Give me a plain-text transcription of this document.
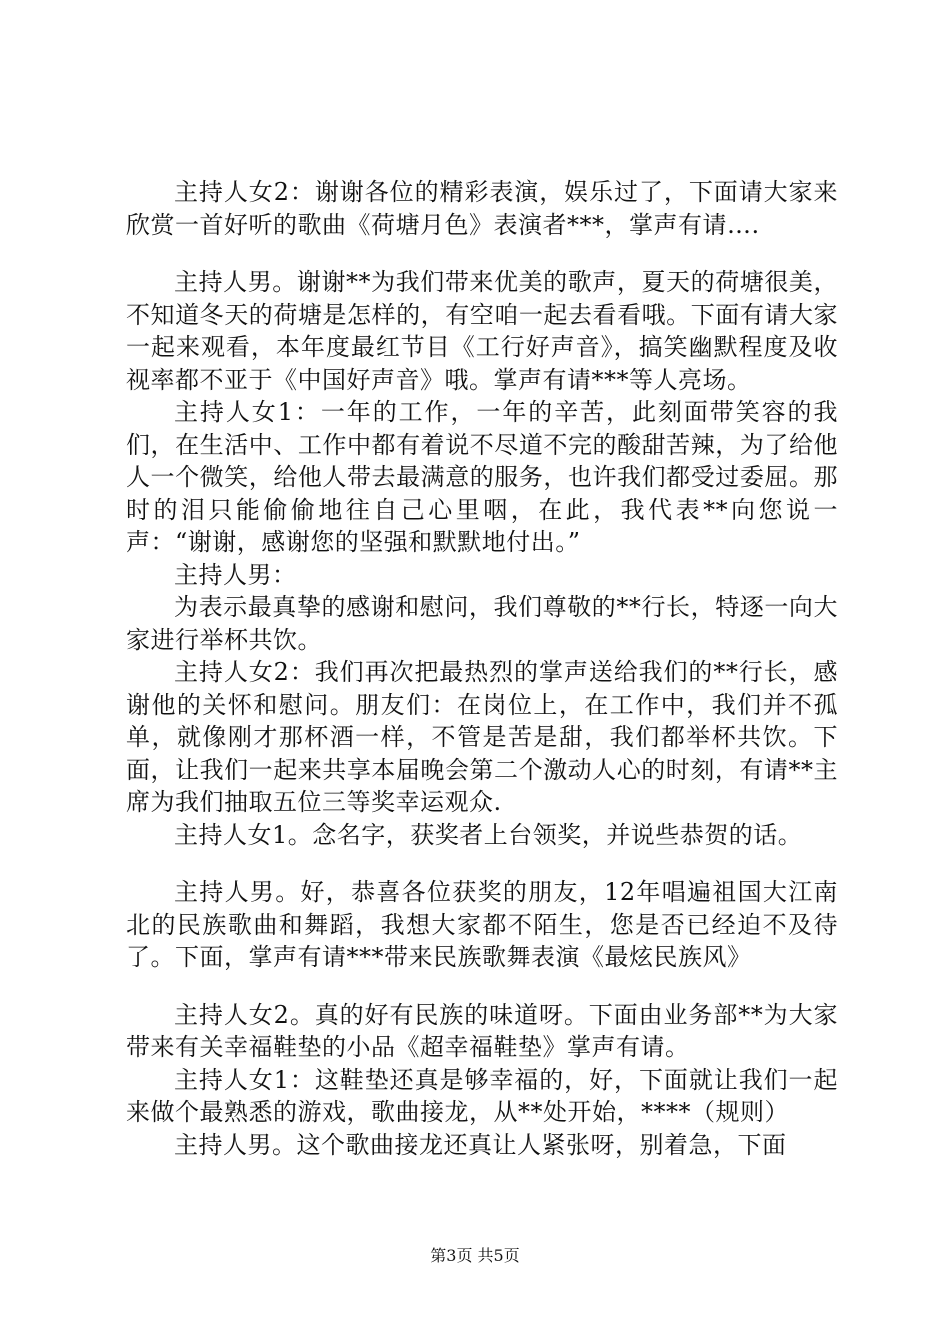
主持人女2：谢谢各位的精彩表演，娱乐过了，下面请大家来欣赏一首好听的歌曲《荷塘月色》表演者***，掌声有请….

主持人男。谢谢**为我们带来优美的歌声，夏天的荷塘很美，不知道冬天的荷塘是怎样的，有空咱一起去看看哦。下面有请大家一起来观看，本年度最红节目《工行好声音》，搞笑幽默程度及收视率都不亚于《中国好声音》哦。掌声有请***等人亮场。

主持人女1：一年的工作，一年的辛苦，此刻面带笑容的我们，在生活中、工作中都有着说不尽道不完的酸甜苦辣，为了给他人一个微笑，给他人带去最满意的服务，也许我们都受过委屈。那时的泪只能偷偷地往自己心里咽，在此，我代表**向您说一声：“谢谢，感谢您的坚强和默默地付出。”

主持人男：

为表示最真挚的感谢和慰问，我们尊敬的**行长，特逐一向大家进行举杯共饮。

主持人女2：我们再次把最热烈的掌声送给我们的**行长，感谢他的关怀和慰问。朋友们：在岗位上，在工作中，我们并不孤单，就像刚才那杯酒一样，不管是苦是甜，我们都举杯共饮。下面，让我们一起来共享本届晚会第二个激动人心的时刻，有请**主席为我们抽取五位三等奖幸运观众.

主持人女1。念名字，获奖者上台领奖，并说些恭贺的话。

主持人男。好，恭喜各位获奖的朋友，12年唱遍祖国大江南北的民族歌曲和舞蹈，我想大家都不陌生，您是否已经迫不及待了。下面，掌声有请***带来民族歌舞表演《最炫民族风》

主持人女2。真的好有民族的味道呀。下面由业务部**为大家带来有关幸福鞋垫的小品《超幸福鞋垫》掌声有请。

主持人女1：这鞋垫还真是够幸福的，好，下面就让我们一起来做个最熟悉的游戏，歌曲接龙，从**处开始，****（规则）

主持人男。这个歌曲接龙还真让人紧张呀，别着急，下面

第3页 共5页
